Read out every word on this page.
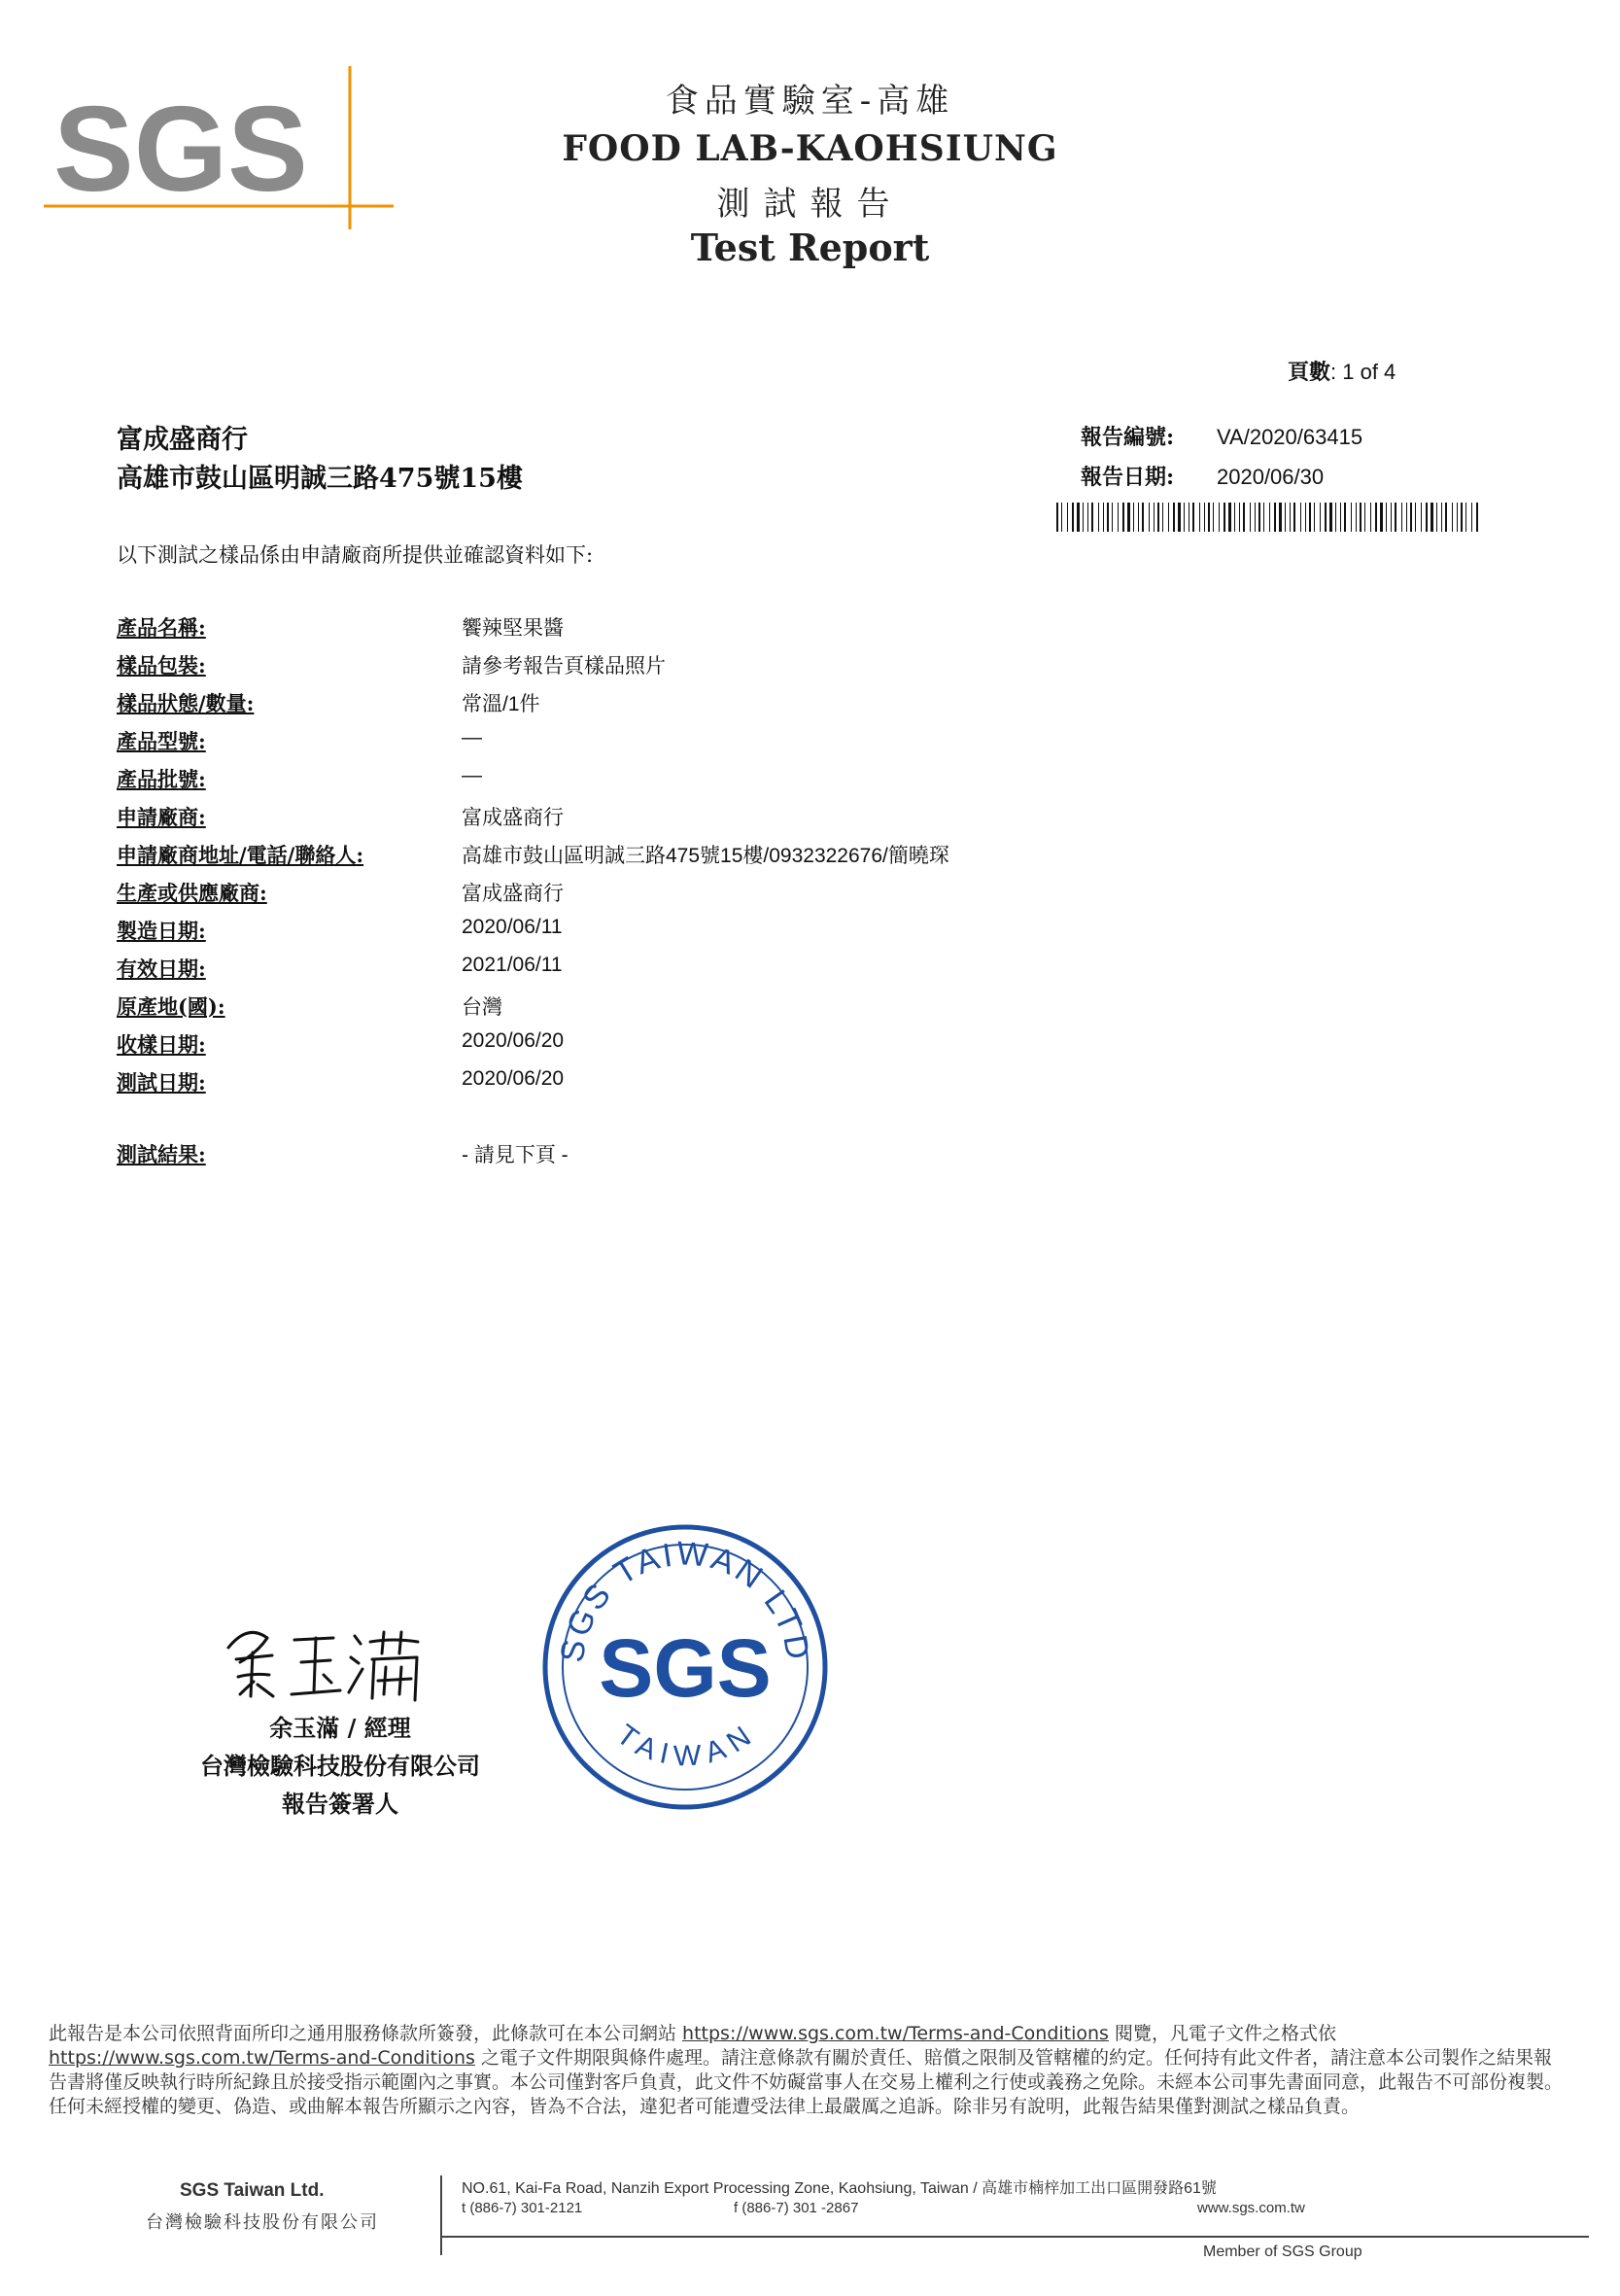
SGS	食品實驗室-高雄
FOOD LAB-KAOHSIUNG
測試報告
Test Report
頁數: 1 of 4
富成盛商行
高雄市鼓山區明誠三路475號15樓
報告編號: VA/2020/63415
報告日期: 2020/06/30
以下測試之樣品係由申請廠商所提供並確認資料如下:
產品名稱:	饗辣堅果醬
樣品包裝:	請參考報告頁樣品照片
樣品狀態/數量:	常溫/1件
產品型號:	—
產品批號:	—
申請廠商:	富成盛商行
申請廠商地址/電話/聯絡人:	高雄市鼓山區明誠三路475號15樓/0932322676/簡曉琛
生產或供應廠商:	富成盛商行
製造日期:	2020/06/11
有效日期:	2021/06/11
原產地(國):	台灣
收樣日期:	2020/06/20
測試日期:	2020/06/20
測試結果:	- 請見下頁 -
余玉滿 / 經理
台灣檢驗科技股份有限公司
報告簽署人
SGS TAIWAN LTD
SGS
TAIWAN
此報告是本公司依照背面所印之通用服務條款所簽發，此條款可在本公司網站 https://www.sgs.com.tw/Terms-and-Conditions 閱覽，凡電子文件之格式依 https://www.sgs.com.tw/Terms-and-Conditions 之電子文件期限與條件處理。請注意條款有關於責任、賠償之限制及管轄權的約定。任何持有此文件者，請注意本公司製作之結果報告書將僅反映執行時所紀錄且於接受指示範圍內之事實。本公司僅對客戶負責，此文件不妨礙當事人在交易上權利之行使或義務之免除。未經本公司事先書面同意，此報告不可部份複製。任何未經授權的變更、偽造、或曲解本報告所顯示之內容，皆為不合法，違犯者可能遭受法律上最嚴厲之追訴。除非另有說明，此報告結果僅對測試之樣品負責。
SGS Taiwan Ltd.
台灣檢驗科技股份有限公司
NO.61, Kai-Fa Road, Nanzih Export Processing Zone, Kaohsiung, Taiwan / 高雄市楠梓加工出口區開發路61號
t (886-7) 301-2121	f (886-7) 301 -2867	www.sgs.com.tw
Member of SGS Group
